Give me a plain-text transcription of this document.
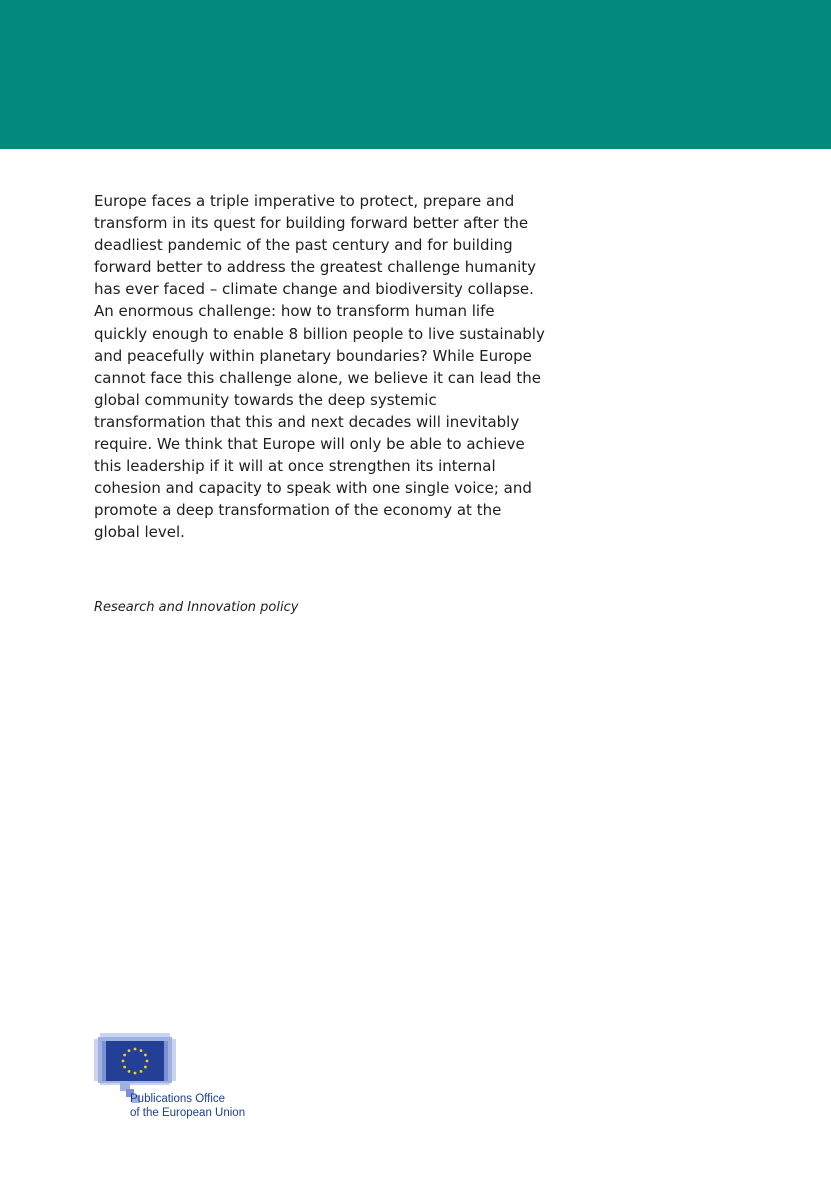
Europe faces a triple imperative to protect, prepare and
transform in its quest for building forward better after the
deadliest pandemic of the past century and for building
forward better to address the greatest challenge humanity
has ever faced – climate change and biodiversity collapse.
An enormous challenge: how to transform human life
quickly enough to enable 8 billion people to live sustainably
and peacefully within planetary boundaries? While Europe
cannot face this challenge alone, we believe it can lead the
global community towards the deep systemic
transformation that this and next decades will inevitably
require. We think that Europe will only be able to achieve
this leadership if it will at once strengthen its internal
cohesion and capacity to speak with one single voice; and
promote a deep transformation of the economy at the
global level.

Research and Innovation policy

Publications Office
of the European Union
